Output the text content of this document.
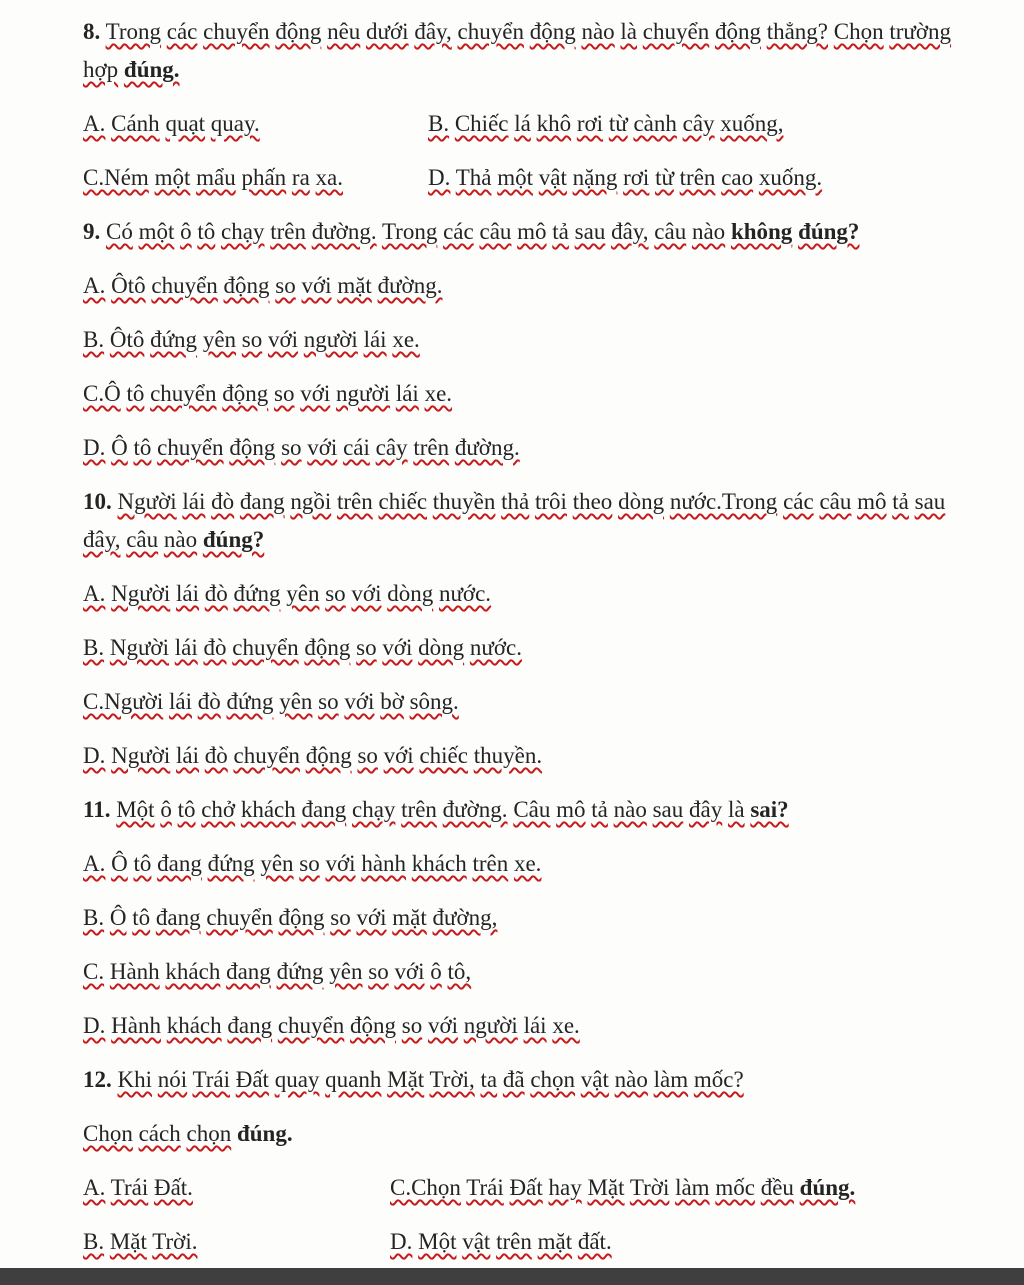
8. Trong các chuyển động nêu dưới đây, chuyển động nào là chuyển động thẳng? Chọn trường hợp đúng.

A. Cánh quạt quay.	B. Chiếc lá khô rơi từ cành cây xuống,

C.Ném một mẩu phấn ra xa.	D. Thả một vật nặng rơi từ trên cao xuống.

9. Có một ô tô chạy trên đường. Trong các câu mô tả sau đây, câu nào không đúng?

A. Ôtô chuyển động so với mặt đường.

B. Ôtô đứng yên so với người lái xe.

C.Ô tô chuyển động so với người lái xe.

D. Ô tô chuyển động so với cái cây trên đường.

10. Người lái đò đang ngồi trên chiếc thuyền thả trôi theo dòng nước.Trong các câu mô tả sau đây, câu nào đúng?

A. Người lái đò đứng yên so với dòng nước.

B. Người lái đò chuyển động so với dòng nước.

C.Người lái đò đứng yên so với bờ sông.

D. Người lái đò chuyển động so với chiếc thuyền.

11. Một ô tô chở khách đang chạy trên đường. Câu mô tả nào sau đây là sai?

A. Ô tô đang đứng yên so với hành khách trên xe.

B. Ô tô đang chuyển động so với mặt đường,

C. Hành khách đang đứng yên so với ô tô,

D. Hành khách đang chuyển động so với người lái xe.

12. Khi nói Trái Đất quay quanh Mặt Trời, ta đã chọn vật nào làm mốc?

Chọn cách chọn đúng.

A. Trái Đất.	C.Chọn Trái Đất hay Mặt Trời làm mốc đều đúng.

B. Mặt Trời.	D. Một vật trên mặt đất.
